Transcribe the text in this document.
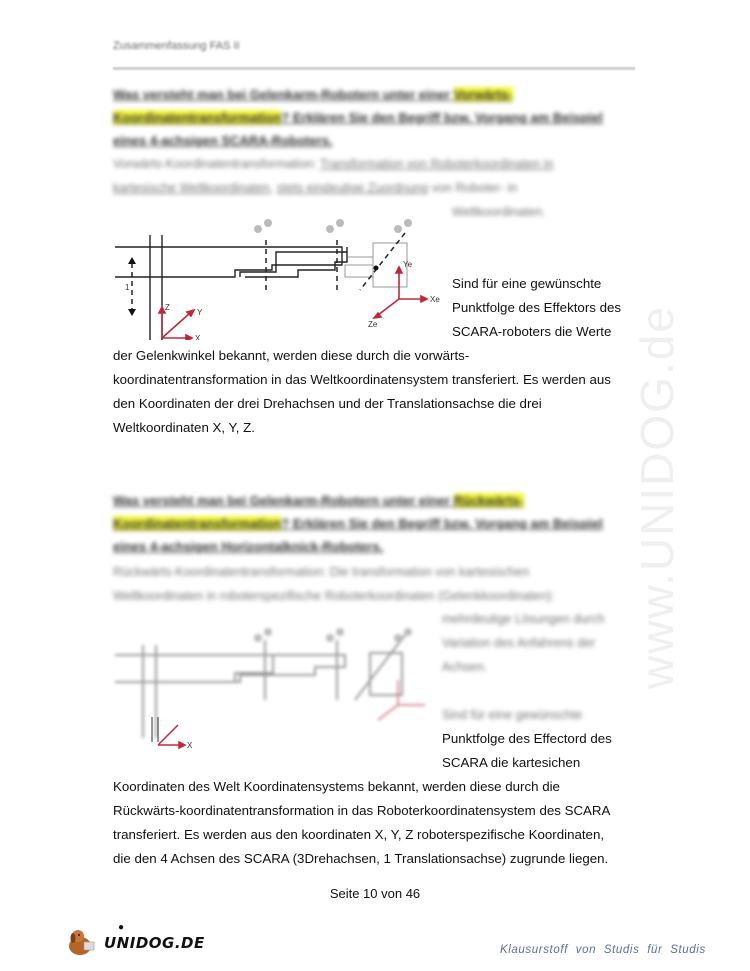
Zusammenfassung FAS II
www.UNIDOG.de
Was versteht man bei Gelenkarm-Robotern unter einer Vorwärts-
Koordinatentransformation? Erklären Sie den Begriff bzw. Vorgang am Beispiel eines 4-achsigen SCARA-Roboters.
Vorwärts-Koordinatentransformation: Transformation von Roboterkoordinaten in
kartesische Weltkoordinaten, stets eindeutige Zuordnung von Roboter- in
Weltkoordinaten.
1
Z
Y
X
Ye
Xe
Ze
Sind für eine gewünschte
Punktfolge des Effektors des
SCARA-roboters die Werte
der Gelenkwinkel bekannt, werden diese durch die vorwärts-
koordinatentransformation in das Weltkoordinatensystem transferiert. Es werden aus
den Koordinaten der drei Drehachsen und der Translationsachse die drei
Weltkoordinaten X, Y, Z.
Was versteht man bei Gelenkarm-Robotern unter einer Rückwärts-
Koordinatentransformation? Erklären Sie den Begriff bzw. Vorgang am Beispiel eines 4-achsigen Horizontalknick-Roboters.
Rückwärts-Koordinatentransformation: Die transformation von kartesischen
Weltkoordinaten in roboterspezifische Roboterkoordinaten (Gelenkkoordinaten):
mehrdeutige Lösungen durch
Variation des Anfahrens der
Achsen.
X
Sind für eine gewünschte
Punktfolge des Effectord des
SCARA die kartesichen
Koordinaten des Welt Koordinatensystems bekannt, werden diese durch die
Rückwärts-koordinatentransformation in das Roboterkoordinatensystem des SCARA
transferiert. Es werden aus den koordinaten X, Y, Z roboterspezifische Koordinaten,
die den 4 Achsen des SCARA (3Drehachsen, 1 Translationsachse) zugrunde liegen.
Seite 10 von 46
●
UNIDOG.DE	Klausurstoff von Studis für Studis
